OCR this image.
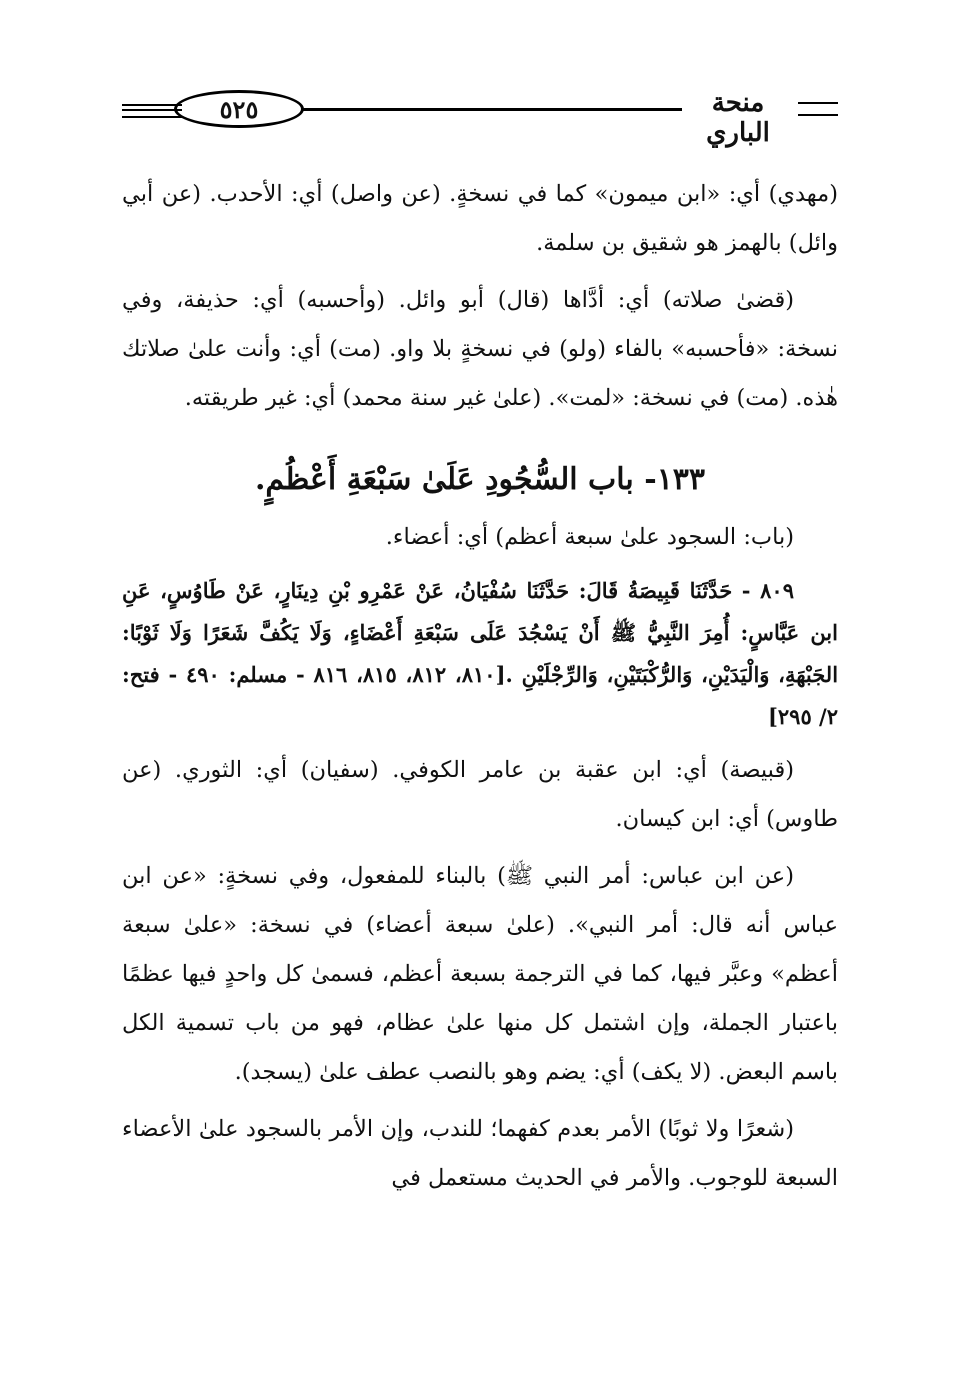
٥٢٥	منحة الباري

(مهدي) أي: «ابن ميمون» كما في نسخةٍ. (عن واصل) أي: الأحدب. (عن أبي وائل) بالهمز هو شقيق بن سلمة.

(قضىٰ صلاته) أي: أدَّاها (قال) أبو وائل. (وأحسبه) أي: حذيفة، وفي نسخة: «فأحسبه» بالفاء (ولو) في نسخةٍ بلا واو. (مت) أي: وأنت علىٰ صلاتك هٰذه. (مت) في نسخة: «لمت». (علىٰ غير سنة محمد) أي: غير طريقته.

١٣٣- باب السُّجُودِ عَلَىٰ سَبْعَةِ أَعْظُمٍ.

(باب: السجود علىٰ سبعة أعظم) أي: أعضاء.

٨٠٩ - حَدَّثَنَا قَبِيصَةُ قَالَ: حَدَّثَنَا سُفْيَانُ، عَنْ عَمْرِو بْنِ دِينَارٍ، عَنْ طَاوُسٍ، عَنِ ابن عَبَّاسٍ: أُمِرَ النَّبِيُّ ﷺ أَنْ يَسْجُدَ عَلَى سَبْعَةِ أَعْضَاءٍ، وَلَا يَكُفَّ شَعَرًا وَلَا ثَوْبًا: الجَبْهَةِ، وَالْيَدَيْنِ، وَالرُّكْبَتَيْنِ، وَالرِّجْلَيْنِ .[٨١٠، ٨١٢، ٨١٥، ٨١٦ - مسلم: ٤٩٠ - فتح: ٢/ ٢٩٥]

(قبيصة) أي: ابن عقبة بن عامر الكوفي. (سفيان) أي: الثوري. (عن طاوس) أي: ابن كيسان.

(عن ابن عباس: أمر النبي ﷺ) بالبناء للمفعول، وفي نسخةٍ: «عن ابن عباس أنه قال: أمر النبي». (علىٰ سبعة أعضاء) في نسخة: «علىٰ سبعة أعظم» وعبَّر فيها، كما في الترجمة بسبعة أعظم، فسمىٰ كل واحدٍ فيها عظمًا باعتبار الجملة، وإن اشتمل كل منها علىٰ عظام، فهو من باب تسمية الكل باسم البعض. (لا يكف) أي: يضم وهو بالنصب عطف علىٰ (يسجد).

(شعرًا ولا ثوبًا) الأمر بعدم كفهما؛ للندب، وإن الأمر بالسجود علىٰ الأعضاء السبعة للوجوب. والأمر في الحديث مستعمل في
